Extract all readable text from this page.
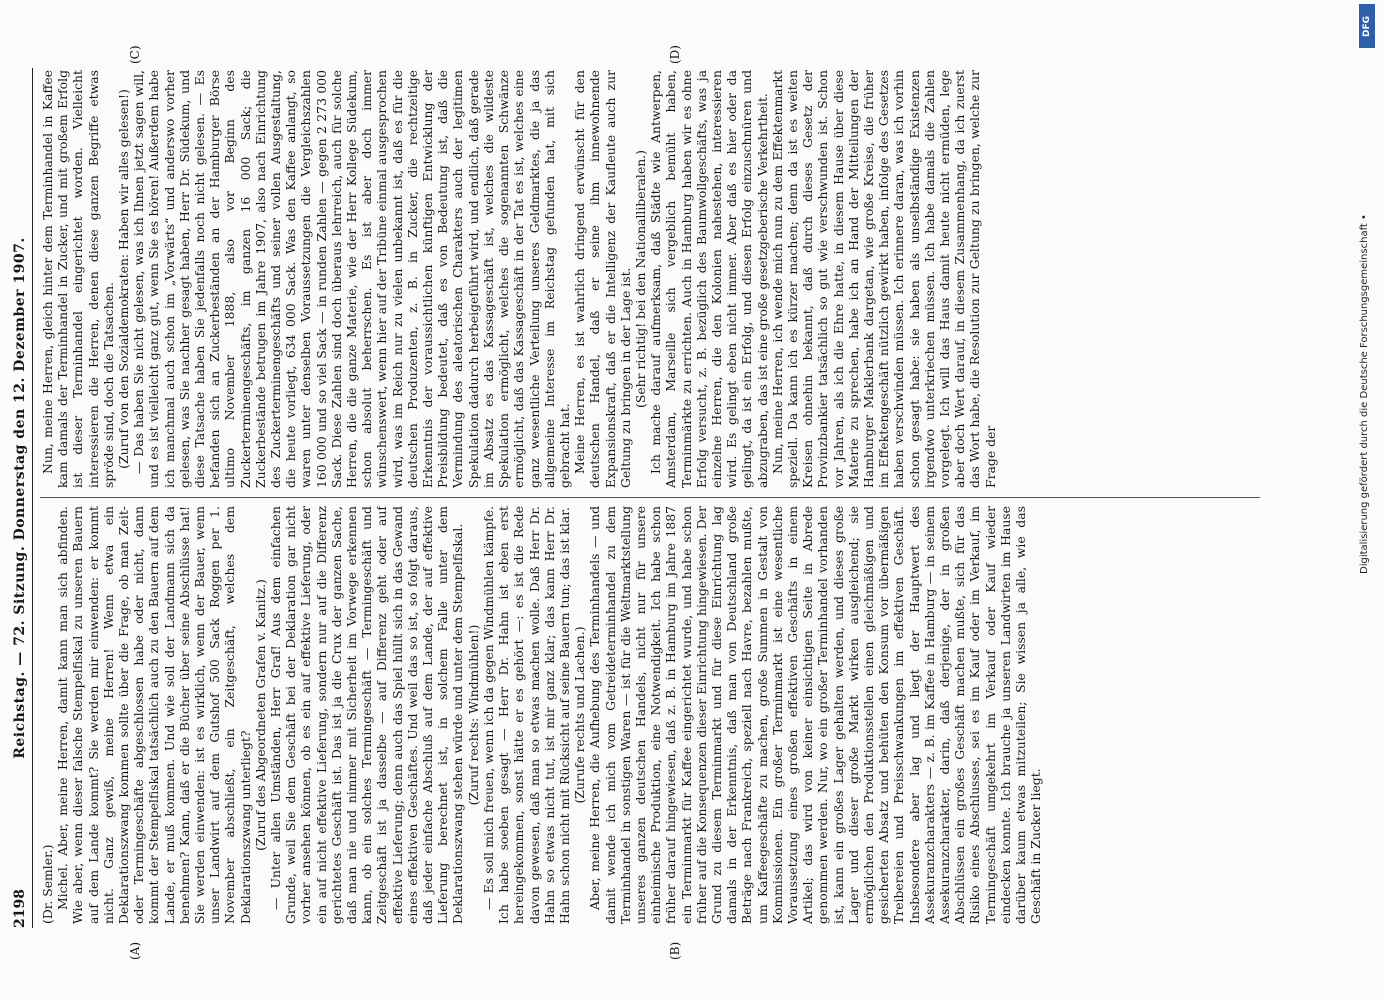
2198
Reichstag. — 72. Sitzung. Donnerstag den 12. Dezember 1907.
(A)	(B)
(C)	(D)

(Dr. Semler.) Michel. Aber, meine Herren, damit kann man sich abfinden. Wie aber, wenn dieser falsche Stempelfiskal zu unseren Bauern auf dem Lande kommt? Sie werden mir einwenden: er kommt nicht. Ganz gewiß, meine Herren! Wenn etwa ein Deklarationszwang kommen sollte über die Frage, ob man Zeit- oder Termingeschäfte abgeschlossen habe oder nicht, dann kommt der Stempelfiskal tatsächlich auch zu den Bauern auf dem Lande, er muß kommen. Und wie soll der Landmann sich da benehmen? Kann, daß er die Bücher über seine Abschlüsse hat! Sie werden einwenden: ist es wirklich, wenn der Bauer, wenn unser Landwirt auf dem Gutshof 500 Sack Roggen per 1. November abschließt, ein Zeitgeschäft, welches dem Deklarationszwang unterliegt? (Zuruf des Abgeordneten Grafen v. Kanitz.) — Unter allen Umständen, Herr Graf! Aus dem einfachen Grunde, weil Sie dem Geschäft bei der Deklaration gar nicht vorher ansehen können, ob es ein auf effektive Lieferung, oder ein auf nicht effektive Lieferung, sondern nur auf die Differenz gerichtetes Geschäft ist. Das ist ja die Crux der ganzen Sache, daß man nie und nimmer mit Sicherheit im Vorwege erkennen kann, ob ein solches Termingeschäft — Termingeschäft und Zeitgeschäft ist ja dasselbe — auf Differenz geht oder auf effektive Lieferung; denn auch das Spiel hüllt sich in das Gewand eines effektiven Geschäftes. Und weil das so ist, so folgt daraus, daß jeder einfache Abschluß auf dem Lande, der auf effektive Lieferung berechnet ist, in solchem Falle unter dem Deklarationszwang stehen würde und unter dem Stempelfiskal. (Zuruf rechts: Windmühlen!) — Es soll mich freuen, wenn ich da gegen Windmühlen kämpfe. Ich habe soeben gesagt — Herr Dr. Hahn ist eben erst hereingekommen, sonst hätte er es gehört —: es ist die Rede davon gewesen, daß man so etwas machen wolle. Daß Herr Dr. Hahn so etwas nicht tut, ist mir ganz klar; das kann Herr Dr. Hahn schon nicht mit Rücksicht auf seine Bauern tun; das ist klar. (Zurufe rechts und Lachen.) Aber, meine Herren, die Aufhebung des Terminhandels — und damit wende ich mich vom Getreideterminhandel zu dem Terminhandel in sonstigen Waren — ist für die Weltmarktstellung unseres ganzen deutschen Handels, nicht nur für unsere einheimische Produktion, eine Notwendigkeit. Ich habe schon früher darauf hingewiesen, daß z. B. in Hamburg im Jahre 1887 ein Terminmarkt für Kaffee eingerichtet wurde, und habe schon früher auf die Konsequenzen dieser Einrichtung hingewiesen. Der Grund zu diesem Terminmarkt und für diese Einrichtung lag damals in der Erkenntnis, daß man von Deutschland große Beträge nach Frankreich, speziell nach Havre, bezahlen mußte, um Kaffeegeschäfte zu machen, große Summen in Gestalt von Kommissionen. Ein großer Terminmarkt ist eine wesentliche Voraussetzung eines großen effektiven Geschäfts in einem Artikel; das wird von keiner einsichtigen Seite in Abrede genommen werden. Nur, wo ein großer Terminhandel vorhanden ist, kann ein großes Lager gehalten werden, und dieses große Lager und dieser große Markt wirken ausgleichend; sie ermöglichen den Produktionsstellen einen gleichmäßigen und gesicherten Absatz und behüten den Konsum vor übermäßigen Treibereien und Preisschwankungen im effektiven Geschäft. Insbesondere aber lag und liegt der Hauptwert des Assekuranzcharakters — z. B. im Kaffee in Hamburg — in seinem Assekuranzcharakter, darin, daß derjenige, der in großen Abschlüssen ein großes Geschäft machen mußte, sich für das Risiko eines Abschlusses, sei es im Kauf oder im Verkauf, im Termingeschäft umgekehrt im Verkauf oder Kauf wieder eindecken konnte. Ich brauche ja unseren Landwirten im Hause darüber kaum etwas mitzuteilen; Sie wissen ja alle, wie das Geschäft in Zucker liegt.

Nun, meine Herren, gleich hinter dem Terminhandel in Kaffee kam damals der Terminhandel in Zucker, und mit großem Erfolg ist dieser Terminhandel eingerichtet worden. Vielleicht interessieren die Herren, denen diese ganzen Begriffe etwas spröde sind, doch die Tatsachen. (Zuruf von den Sozialdemokraten: Haben wir alles gelesen!) — Das haben Sie nicht gelesen, was ich Ihnen jetzt sagen will, und es ist vielleicht ganz gut, wenn Sie es hören! Außerdem habe ich manchmal auch schon im „Vorwärts“ und anderswo vorher gelesen, was Sie nachher gesagt haben, Herr Dr. Südekum, und diese Tatsache haben Sie jedenfalls noch nicht gelesen. — Es befanden sich an Zuckerbeständen an der Hamburger Börse ultimo November 1888, also vor Beginn des Zuckerterminengeschäfts, im ganzen 16 000 Sack; die Zuckerbestände betrugen im Jahre 1907, also nach Einrichtung des Zuckerterminengeschäfts und seiner vollen Ausgestaltung, die heute vorliegt, 634 000 Sack. Was den Kaffee anlangt, so waren unter denselben Voraussetzungen die Vergleichszahlen 160 000 und so viel Sack — in runden Zahlen — gegen 2 273 000 Sack. Diese Zahlen sind doch überaus lehrreich, auch für solche Herren, die die ganze Materie, wie der Herr Kollege Südekum, schon absolut beherrschen. Es ist aber doch immer wünschenswert, wenn hier auf der Tribüne einmal ausgesprochen wird, was im Reich nur zu vielen unbekannt ist, daß es für die deutschen Produzenten, z. B. in Zucker, die rechtzeitige Erkenntnis der voraussichtlichen künftigen Entwicklung der Preisbildung bedeutet, daß es von Bedeutung ist, daß die Vermindung des aleatorischen Charakters auch der legitimen Spekulation dadurch herbeigeführt wird, und endlich, daß gerade im Absatz es das Kassageschäft ist, welches die wildeste Spekulation ermöglicht, welches die sogenannten Schwänze ermöglicht, daß das Kassageschäft in der Tat es ist, welches eine ganz wesentliche Verteilung unseres Geldmarktes, die ja das allgemeine Interesse im Reichstag gefunden hat, mit sich gebracht hat. Meine Herren, es ist wahrlich dringend erwünscht für den deutschen Handel, daß er seine ihm innewohnende Expansionskraft, daß er die Intelligenz der Kaufleute auch zur Geltung zu bringen in der Lage ist. (Sehr richtig! bei den Nationalliberalen.) Ich mache darauf aufmerksam, daß Städte wie Antwerpen, Amsterdam, Marseille sich vergeblich bemüht haben, Terminmärkte zu errichten. Auch in Hamburg haben wir es ohne Erfolg versucht, z. B. bezüglich des Baumwollgeschäfts, was ja einzelne Herren, die den Kolonien nahestehen, interessieren wird. Es gelingt eben nicht immer. Aber daß es hier oder da gelingt, da ist ein Erfolg, und diesen Erfolg einzuschnüren und abzugraben, das ist eine große gesetzgeberische Verkehrtheit. Nun, meine Herren, ich wende mich nun zu dem Effektenmarkt speziell. Da kann ich es kürzer machen; denn da ist es weiten Kreisen ohnehin bekannt, daß durch dieses Gesetz der Provinzbankier tatsächlich so gut wie verschwunden ist. Schon vor Jahren, als ich die Ehre hatte, in diesem Hause über diese Materie zu sprechen, habe ich an Hand der Mitteilungen der Hamburger Maklerbank dargetan, wie große Kreise, die früher im Effektengeschäft nützlich gewirkt haben, infolge des Gesetzes haben verschwinden müssen. Ich erinnere daran, was ich vorhin schon gesagt habe: sie haben als unselbständige Existenzen irgendwo unterkriechen müssen. Ich habe damals die Zahlen vorgelegt. Ich will das Haus damit heute nicht ermüden, lege aber doch Wert darauf, in diesem Zusammenhang, da ich zuerst das Wort habe, die Resolution zur Geltung zu bringen, welche zur Frage der

DFG
Digitalisierung gefördert durch die Deutsche Forschungsgemeinschaft •
